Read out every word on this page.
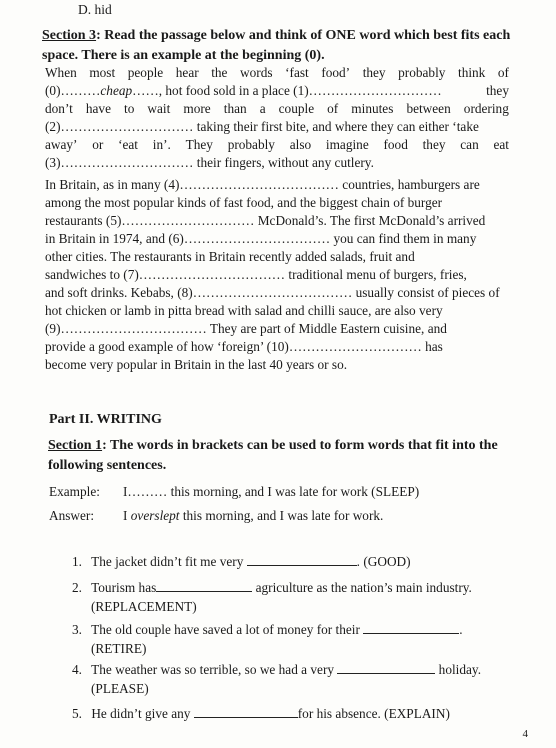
D. hid
Section 3: Read the passage below and think of ONE word which best fits each space. There is an example at the beginning (0).
When most people hear the words ‘fast food’ they probably think of
(0)………cheap……, hot food sold in a place (1)…………………………	they
don’t have to wait more than a couple of minutes between ordering
(2)………………………… taking their first bite, and where they can either ‘take
away’ or ‘eat in’. They probably also imagine food they can eat
(3)………………………… their fingers, without any cutlery.
In Britain, as in many (4)……………………………… countries, hamburgers are
among the most popular kinds of fast food, and the biggest chain of burger
restaurants (5)………………………… McDonald’s. The first McDonald’s arrived
in Britain in 1974, and (6)…………………………… you can find them in many
other cities. The restaurants in Britain recently added salads, fruit and
sandwiches to (7)…………………………… traditional menu of burgers, fries,
and soft drinks. Kebabs, (8)……………………………… usually consist of pieces of
hot chicken or lamb in pitta bread with salad and chilli sauce, are also very
(9)…………………………… They are part of Middle Eastern cuisine, and
provide a good example of how ‘foreign’ (10)………………………… has
become very popular in Britain in the last 40 years or so.
Part II. WRITING
Section 1: The words in brackets can be used to form words that fit into the following sentences.
Example: I……… this morning, and I was late for work (SLEEP)
Answer: I overslept this morning, and I was late for work.
1. The jacket didn’t fit me very	. (GOOD)
2. Tourism has	agriculture as the nation’s main industry.
(REPLACEMENT)
3. The old couple have saved a lot of money for their	.
(RETIRE)
4. The weather was so terrible, so we had a very	holiday.
(PLEASE)
5. He didn’t give any	for his absence. (EXPLAIN)
4
